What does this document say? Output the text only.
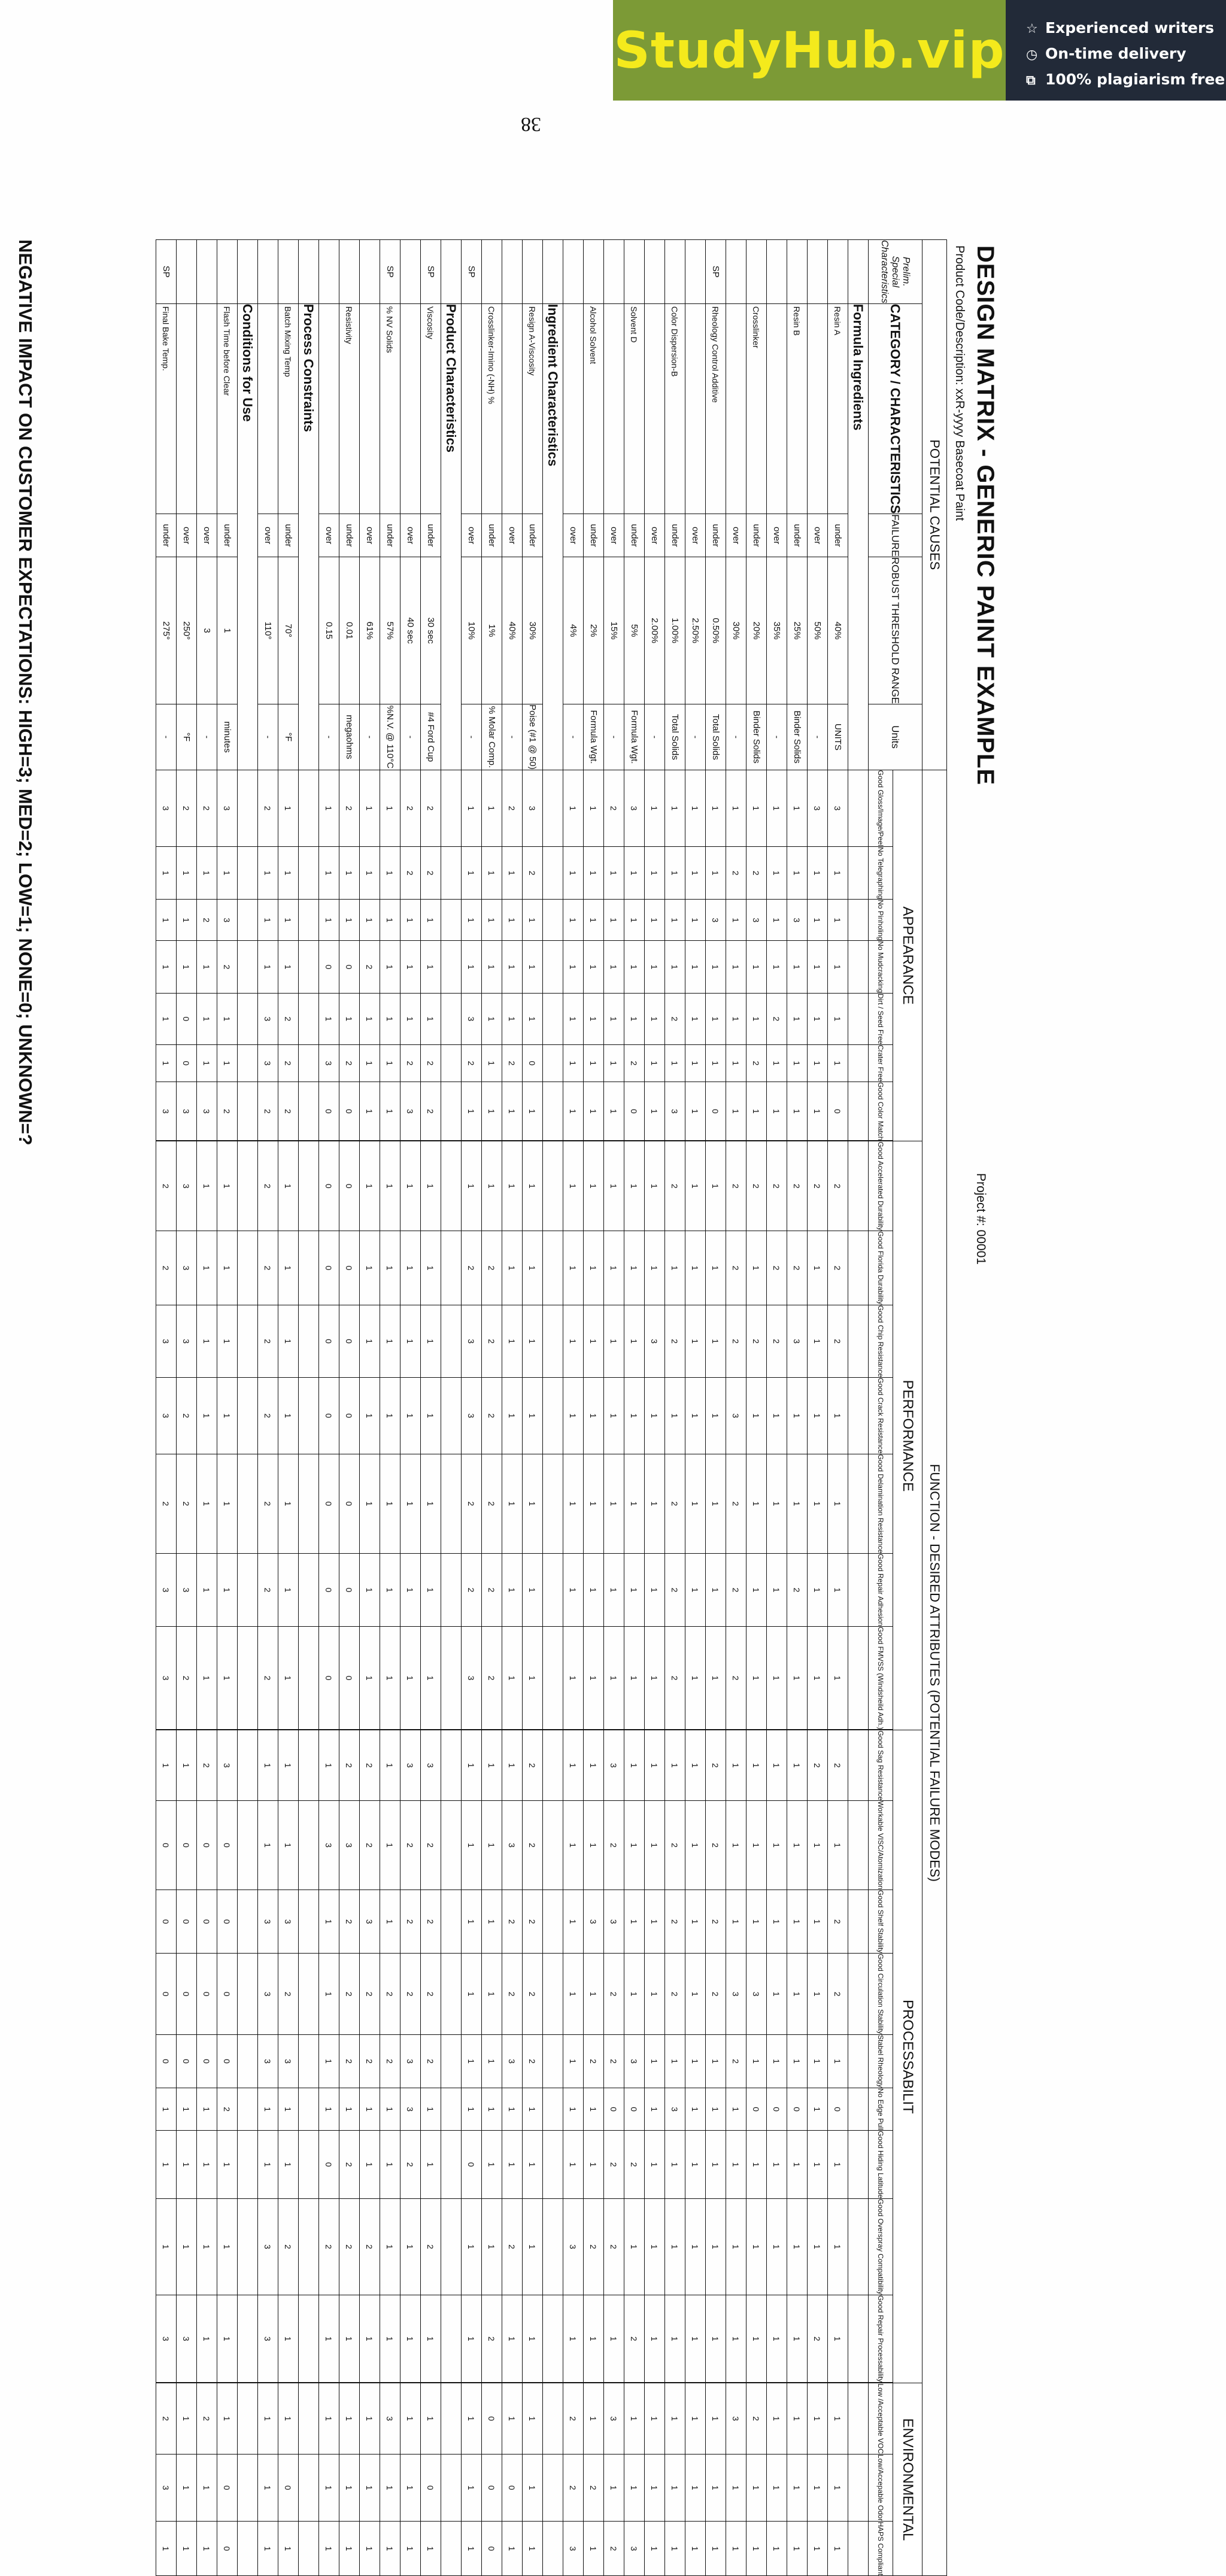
StudyHub.vip ☆ Experienced writers
◷ On-time delivery
⧉ 100% plagiarism free
38
DESIGN MATRIX - GENERIC PAINT EXAMPLE
Project #: 00001
Product Code/Description: xxR-yyyy Basecoat Paint
POTENTIAL CAUSES					FUNCTION - DESIRED ATTRIBUTES (POTENTIAL FAILURE MODES)																									
Prelim. Special Characteristics	CATEGORY / CHARACTERISTICS	FAILURE	ROBUST THRESHOLD RANGE	Units	APPEARANCE							PERFORMANCE							PROCESSABILIT									ENVIRONMENTAL		
					Good Gloss/Image/Peel	No Telegraphing	No Pinholing	No Mudcracking	Dirt / Seed Free	Crater Free	Good Color Match		Good Accelerated Durability	Good Florida Durability	Good Chip Resistance	Good Crack Resistance	Good Delamination Resistance	Good Repair Adhesion	Good FMVSS (Windsheild Adh.)		Good Sag Resistance	Workable VISC/Atomization	Good Shelf Stability	Good Circulation Stability	Stabel Rheology	No Edge Pull	Good Hiding Latitude	Good Overspray Compatibility	Good Repair Processability		Low /Acceptable VOC	Low/Accepable Odor	HAPS Compliant
	Formula Ingredients																													
	Resin A	under	40%	UNITS	3	1	1	1	1	1	0		2	2	2	1	1	1	1		2	1	2	2	1	0	1	1	1		1	1	1
		over	50%	-	3	1	1	1	1	1	1		2	1	1	1	1	1	1		2	1	1	1	1	1	1	1	2		1	1	1
	Resin B	under	25%	Binder Solids	1	1	3	1	1	1	1		2	2	3	1	1	2	1		1	1	1	1	1	0	1	1	1		1	1	1
		over	35%	-	1	1	1	1	2	1	1		2	2	2	1	1	1	1		1	1	1	1	1	0	1	1	1		1	1	1
	Crosslinker	under	20%	Binder Solids	1	2	3	1	1	2	1		2	1	2	1	1	1	1		1	1	1	3	1	0	1	1	1		2	1	1
		over	30%	-	1	2	1	1	1	1	1		2	2	2	3	2	2	2		1	1	1	3	2	1	1	1	1		3	1	1
SP	Rheology Control Additive	under	0.50%	Total Solids	1	1	3	1	1	1	0		1	1	1	1	1	1	1		2	2	2	2	1	1	1	1	1		1	1	1
		over	2.50%	-	1	1	1	1	1	1	1		1	1	1	1	1	1	1		1	1	1	1	1	1	1	1	1		1	1	1
	Color Dispersion-B	under	1.00%	Total Solids	1	1	1	1	2	1	3		2	1	2	1	2	2	2		1	2	2	2	1	3	1	1	1		1	1	1
		over	2.00%	-	1	1	1	1	1	1	1		1	1	3	1	1	1	1		1	1	1	1	1	1	1	1	1		1	1	1
	Solvent D	under	5%	Formula Wgt.	3	1	1	1	1	2	0		1	1	1	1	1	1	1		1	1	1	1	3	0	2	1	2		1	1	3
		over	15%	-	2	1	1	1	1	1	1		1	1	1	1	1	1	1		3	2	3	2	2	0	2	2	1		3	1	2
	Alcohol Solvent	under	2%	Formula Wgt.	1	1	1	1	1	1	1		1	1	1	1	1	1	1		1	1	3	1	2	1	1	2	1		1	2	1
		over	4%	-	1	1	1	1	1	1	1		1	1	1	1	1	1	1		1	1	1	1	1	1	1	3	1		2	2	3
	Ingredient Characteristics																													
	Resign A-Viscosity	under	30%	Poise (#1 @ 50)	3	2	1	1	1	0	1		1	1	1	1	1	1	1		2	2	2	2	2	1	1	1	1		1	1	1
		over	40%	-	2	1	1	1	1	2	1		1	1	1	1	1	1	1		1	3	2	2	3	1	1	2	1		1	0	1
	Crosslinker-Imino (-NH) %	under	1%	% Molar Comp.	1	1	1	1	1	1	1		1	2	2	2	2	2	2		1	1	1	1	1	1	1	1	2		0	0	0
SP		over	10%	-	1	1	1	1	3	2	1		1	2	3	3	2	2	3		1	1	1	1	1	1	0	1	1		1	1	1
	Product Characteristics																													
SP	Viscosity	under	30 sec	#4 Ford Cup	2	2	1	1	1	2	2		1	1	1	1	1	1	1		3	2	2	2	2	1	1	2	1		1	0	1
		over	40 sec	-	2	2	1	1	1	2	3		1	1	1	1	1	1	1		3	2	2	2	3	3	2	1	1		1	1	1
SP	% NV Solids	under	57%	%N.V. @ 110°C	1	1	1	1	1	1	1		1	1	1	1	1	1	1		1	1	1	2	2	1	1	1	1		3	1	1
		over	61%	-	1	1	1	2	1	1	1		1	1	1	1	1	1	1		2	2	3	2	2	1	1	2	1		1	1	1
	Resistivity	under	0.01	megaohms	2	1	1	0	1	2	0		0	0	0	0	0	0	0		2	3	2	2	2	1	2	2	1		1	1	1
		over	0.15	-	1	1	1	0	1	3	0		0	0	0	0	0	0	0		1	3	1	1	1	1	0	2	1		1	1	1
	Process Constraints																													
	Batch Mixing Temp	under	70°	°F	1	1	1	1	2	2	2		1	1	1	1	1	1	1		1	1	3	2	3	1	1	2	1		1	0	1
		over	110°	-	2	1	1	1	3	3	2		2	2	2	2	2	2	2		1	1	3	3	3	1	1	3	3		1	1	1
	Conditions for Use																													
	Flash Time before Clear	under	1	minutes	3	1	3	2	1	1	2		1	1	1	1	1	1	1		3	0	0	0	0	2	1	1	1		1	0	0
		over	3	-	2	1	2	1	1	1	3		1	1	1	1	1	1	1		2	0	0	0	0	1	1	1	1		2	1	1
		over	250°	°F	2	1	1	1	0	0	3		3	3	3	2	2	3	2		1	0	0	0	0	1	1	1	3		1	1	1
SP	Final Bake Temp.	under	275°	-	3	1	1	1	1	1	3		2	2	3	3	2	3	3		1	0	0	0	0	1	1	1	3		2	3	1
NEGATIVE IMPACT ON CUSTOMER EXPECTATIONS: HIGH=3; MED=2; LOW=1; NONE=0; UNKNOWN=?
